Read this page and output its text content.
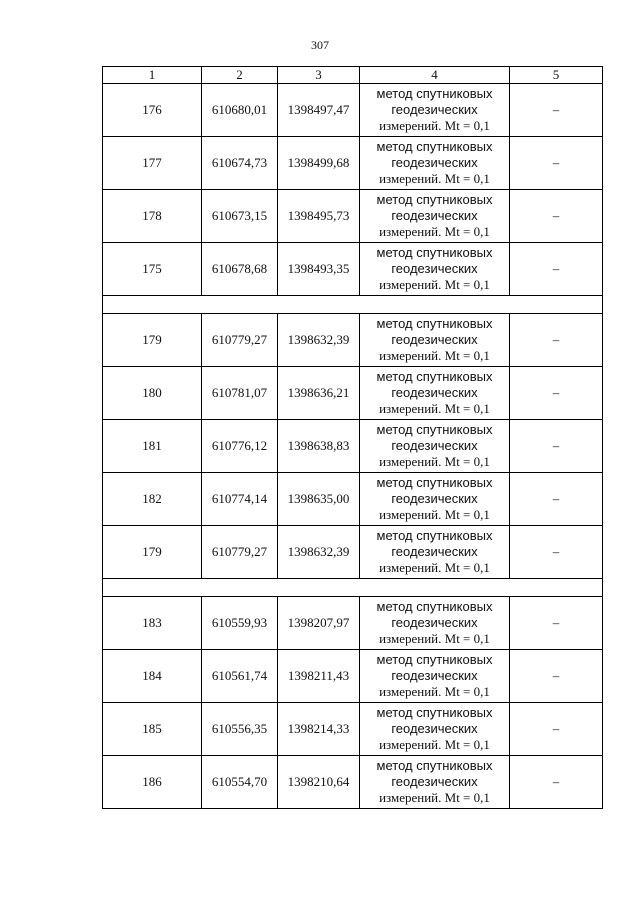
307
1	2	3	4	5
176	610680,01	1398497,47	метод спутниковых
геодезических
измерений. Mt = 0,1	–
177	610674,73	1398499,68	метод спутниковых
геодезических
измерений. Mt = 0,1	–
178	610673,15	1398495,73	метод спутниковых
геодезических
измерений. Mt = 0,1	–
175	610678,68	1398493,35	метод спутниковых
геодезических
измерений. Mt = 0,1	–

179	610779,27	1398632,39	метод спутниковых
геодезических
измерений. Mt = 0,1	–
180	610781,07	1398636,21	метод спутниковых
геодезических
измерений. Mt = 0,1	–
181	610776,12	1398638,83	метод спутниковых
геодезических
измерений. Mt = 0,1	–
182	610774,14	1398635,00	метод спутниковых
геодезических
измерений. Mt = 0,1	–
179	610779,27	1398632,39	метод спутниковых
геодезических
измерений. Mt = 0,1	–

183	610559,93	1398207,97	метод спутниковых
геодезических
измерений. Mt = 0,1	–
184	610561,74	1398211,43	метод спутниковых
геодезических
измерений. Mt = 0,1	–
185	610556,35	1398214,33	метод спутниковых
геодезических
измерений. Mt = 0,1	–
186	610554,70	1398210,64	метод спутниковых
геодезических
измерений. Mt = 0,1	–
